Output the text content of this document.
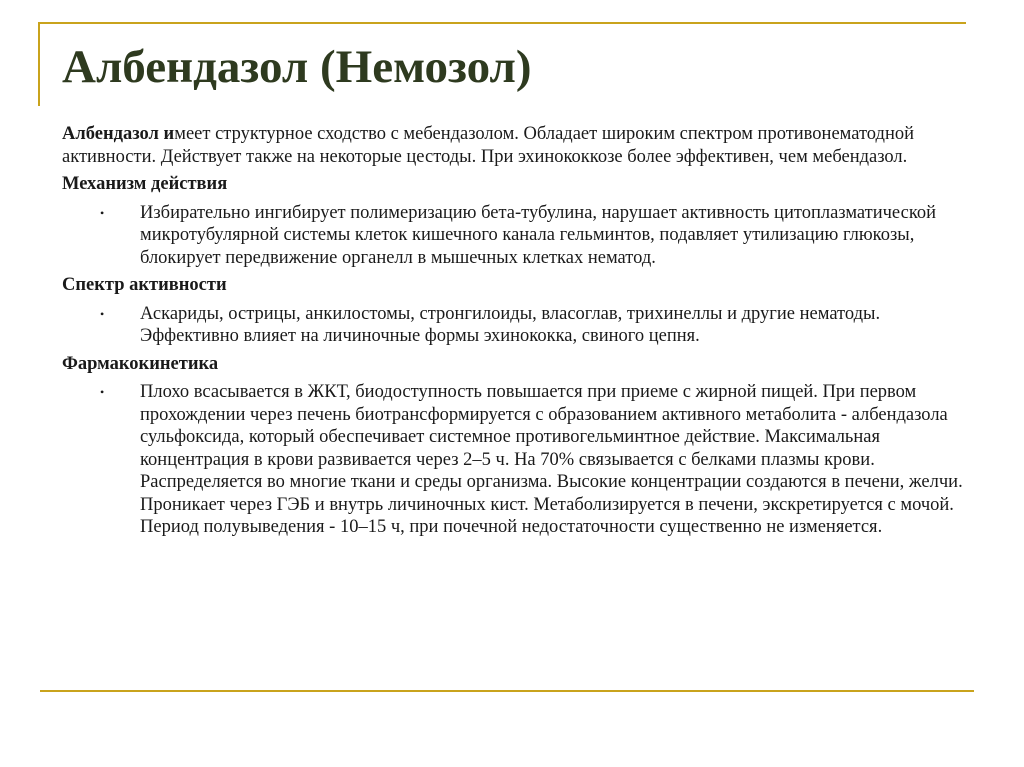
Албендазол (Немозол)

Албендазол имеет структурное сходство с мебендазолом. Обладает широким спектром противонематодной активности. Действует также на некоторые цестоды. При эхинококкозе более эффективен, чем мебендазол.

Механизм действия
• Избирательно ингибирует полимеризацию бета-тубулина, нарушает активность цитоплазматической микротубулярной системы клеток кишечного канала гельминтов, подавляет утилизацию глюкозы, блокирует передвижение органелл в мышечных клетках нематод.
Спектр активности
• Аскариды, острицы, анкилостомы, стронгилоиды, власоглав, трихинеллы и другие нематоды. Эффективно влияет на личиночные формы эхинококка, свиного цепня.
Фармакокинетика
• Плохо всасывается в ЖКТ, биодоступность повышается при приеме с жирной пищей. При первом прохождении через печень биотрансформируется с образованием активного метаболита - албендазола сульфоксида, который обеспечивает системное противогельминтное действие. Максимальная концентрация в крови развивается через 2–5 ч. На 70% связывается с белками плазмы крови. Распределяется во многие ткани и среды организма. Высокие концентрации создаются в печени, желчи. Проникает через ГЭБ и внутрь личиночных кист. Метаболизируется в печени, экскретируется с мочой. Период полувыведения - 10–15 ч, при почечной недостаточности существенно не изменяется.
